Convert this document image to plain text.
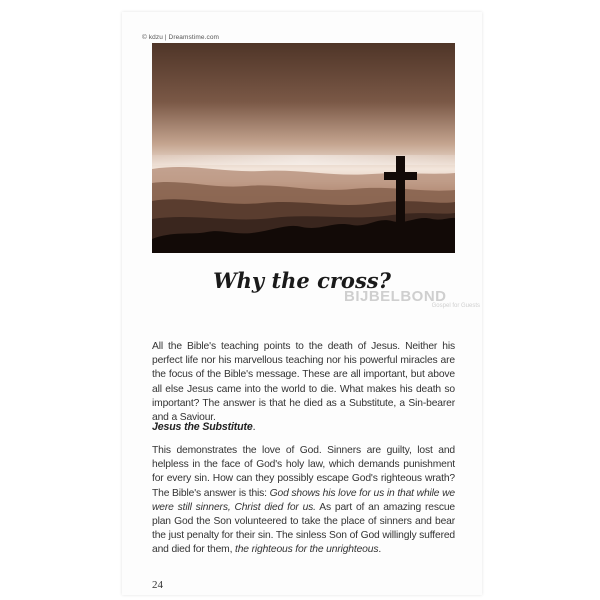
© kdzu | Dreamstime.com
Why the cross?
BIJBELBOND
Gospel for Guests

All the Bible's teaching points to the death of Jesus. Neither his perfect life nor his marvellous teaching nor his powerful miracles are the focus of the Bible's message. These are all important, but above all else Jesus came into the world to die. What makes his death so important? The answer is that he died as a Substitute, a Sin-bearer and a Saviour.

Jesus the Substitute.

This demonstrates the love of God. Sinners are guilty, lost and helpless in the face of God's holy law, which demands punishment for every sin. How can they possibly escape God's righteous wrath? The Bible's answer is this: God shows his love for us in that while we were still sinners, Christ died for us. As part of an amazing rescue plan God the Son volunteered to take the place of sinners and bear the just penalty for their sin. The sinless Son of God willingly suffered and died for them, the righteous for the unrighteous.

24
